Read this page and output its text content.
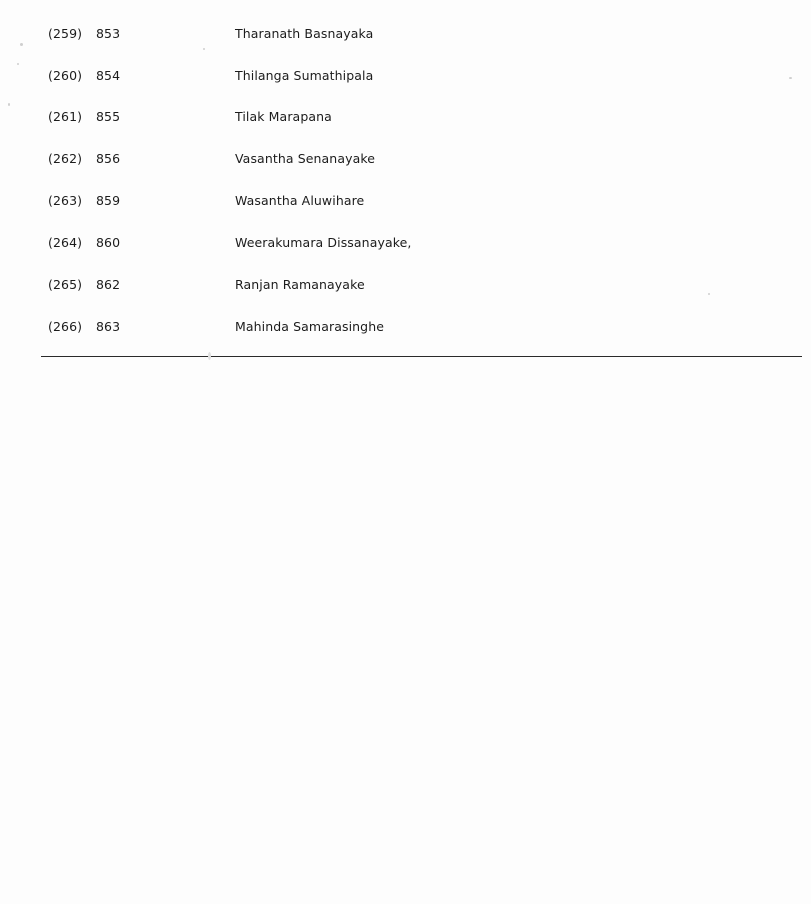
(259) 853	Tharanath Basnayaka
(260) 854	Thilanga Sumathipala
(261) 855	Tilak Marapana
(262) 856	Vasantha Senanayake
(263) 859	Wasantha Aluwihare
(264) 860	Weerakumara Dissanayake,
(265) 862	Ranjan Ramanayake
(266) 863	Mahinda Samarasinghe
